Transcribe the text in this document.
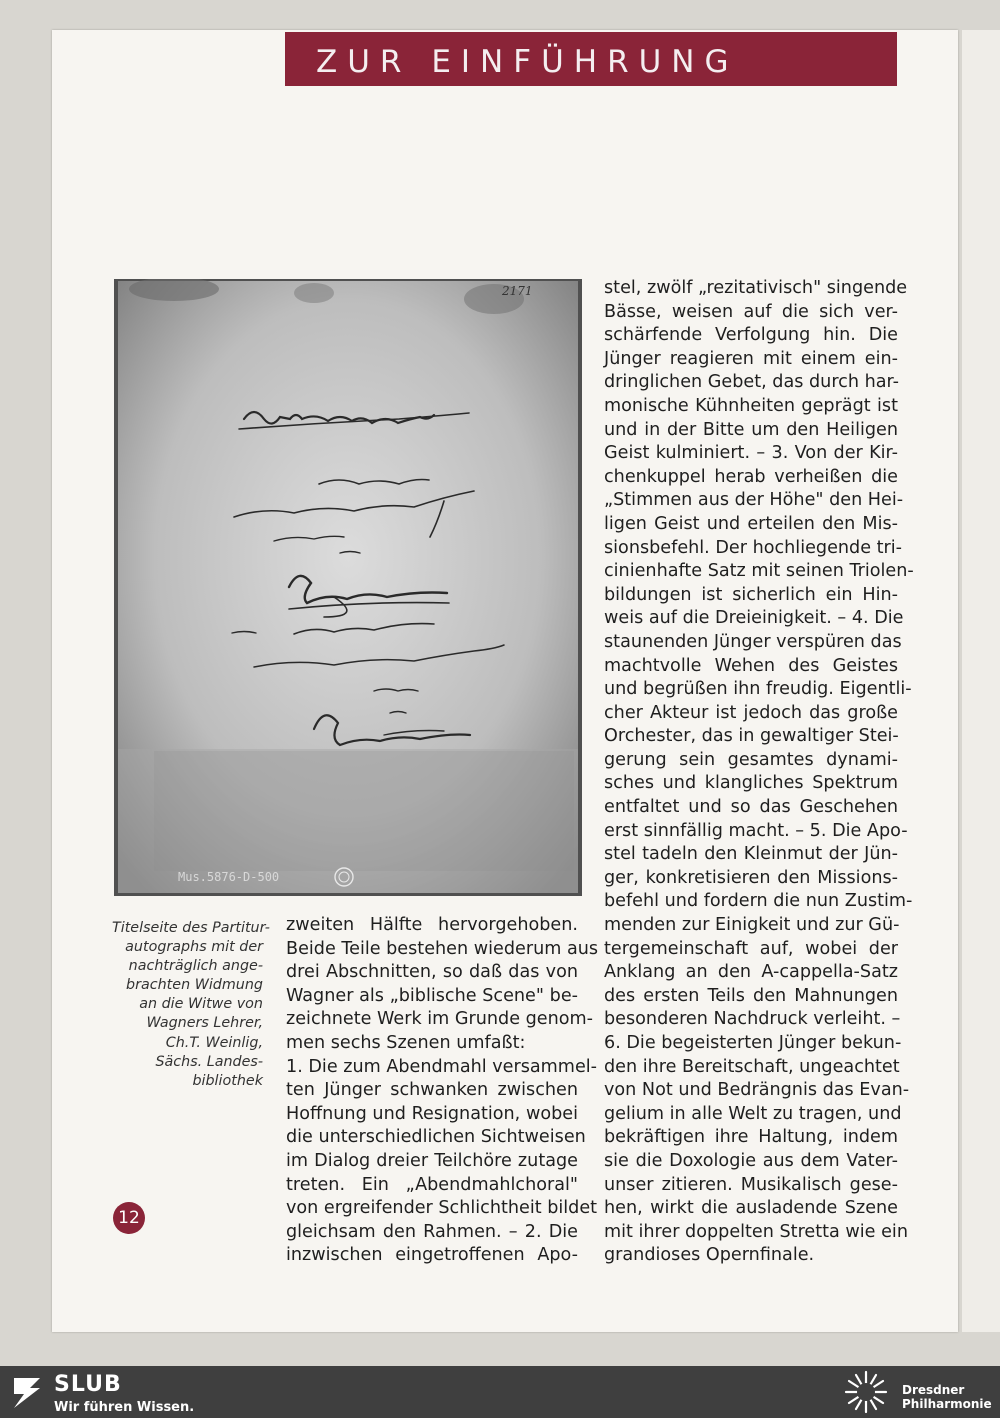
ZUR EINFÜHRUNG
2171
Mus.5876-D-500
Titelseite des Partitur-
autographs mit der
nachträglich ange-
brachten Widmung
an die Witwe von
Wagners Lehrer,
Ch.T. Weinlig,
Sächs. Landes-
bibliothek
zweiten Hälfte hervorgehoben.
Beide Teile bestehen wiederum aus
drei Abschnitten, so daß das von
Wagner als „biblische Scene" be-
zeichnete Werk im Grunde genom-
men sechs Szenen umfaßt:
1. Die zum Abendmahl versammel-
ten Jünger schwanken zwischen
Hoffnung und Resignation, wobei
die unterschiedlichen Sichtweisen
im Dialog dreier Teilchöre zutage
treten. Ein „Abendmahlchoral"
von ergreifender Schlichtheit bildet
gleichsam den Rahmen. – 2. Die
inzwischen eingetroffenen Apo-
stel, zwölf „rezitativisch" singende
Bässe, weisen auf die sich ver-
schärfende Verfolgung hin. Die
Jünger reagieren mit einem ein-
dringlichen Gebet, das durch har-
monische Kühnheiten geprägt ist
und in der Bitte um den Heiligen
Geist kulminiert. – 3. Von der Kir-
chenkuppel herab verheißen die
„Stimmen aus der Höhe" den Hei-
ligen Geist und erteilen den Mis-
sionsbefehl. Der hochliegende tri-
cinienhafte Satz mit seinen Triolen-
bildungen ist sicherlich ein Hin-
weis auf die Dreieinigkeit. – 4. Die
staunenden Jünger verspüren das
machtvolle Wehen des Geistes
und begrüßen ihn freudig. Eigentli-
cher Akteur ist jedoch das große
Orchester, das in gewaltiger Stei-
gerung sein gesamtes dynami-
sches und klangliches Spektrum
entfaltet und so das Geschehen
erst sinnfällig macht. – 5. Die Apo-
stel tadeln den Kleinmut der Jün-
ger, konkretisieren den Missions-
befehl und fordern die nun Zustim-
menden zur Einigkeit und zur Gü-
tergemeinschaft auf, wobei der
Anklang an den A-cappella-Satz
des ersten Teils den Mahnungen
besonderen Nachdruck verleiht. –
6. Die begeisterten Jünger bekun-
den ihre Bereitschaft, ungeachtet
von Not und Bedrängnis das Evan-
gelium in alle Welt zu tragen, und
bekräftigen ihre Haltung, indem
sie die Doxologie aus dem Vater-
unser zitieren. Musikalisch gese-
hen, wirkt die ausladende Szene
mit ihrer doppelten Stretta wie ein
grandioses Opernfinale.
12
SLUB
Wir führen Wissen.
Dresdner
Philharmonie
